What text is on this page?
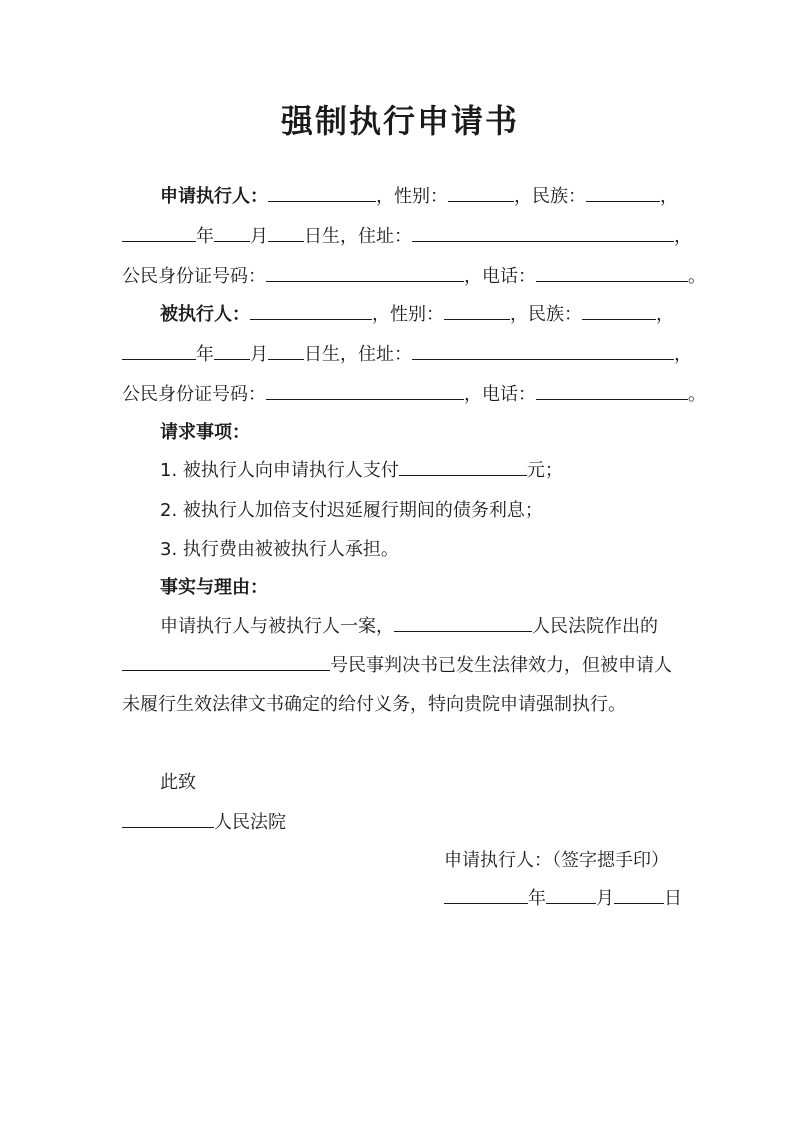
强制执行申请书
申请执行人：	，性别：	，民族：	，
年 月 日生，住址：	，
公民身份证号码：	，电话：	。
被执行人：	，性别：	，民族：	，
年 月 日生，住址：	，
公民身份证号码：	，电话：	。
请求事项：
1. 被执行人向申请执行人支付	元；
2. 被执行人加倍支付迟延履行期间的债务利息；
3. 执行费由被被执行人承担。
事实与理由：
申请执行人与被执行人一案，	人民法院作出的
号民事判决书已发生法律效力，但被申请人
未履行生效法律文书确定的给付义务，特向贵院申请强制执行。
此致
人民法院
申请执行人：（签字摁手印）
年	月	日
